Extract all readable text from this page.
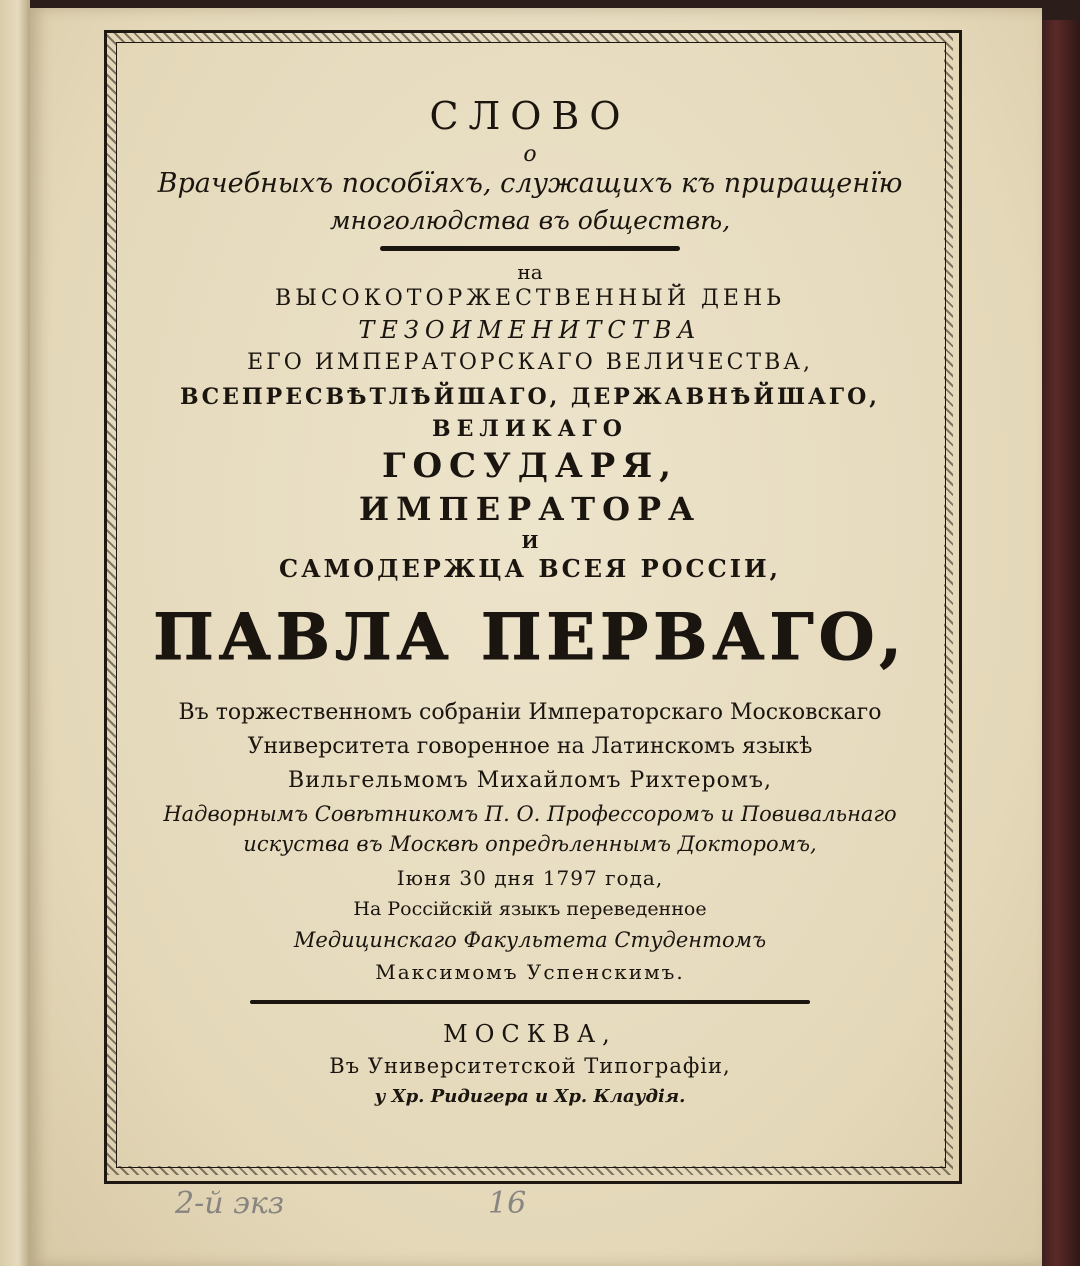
СЛОВО
о
Врачебныхъ пособїяхъ, служащихъ къ приращенїю
многолюдства въ обществѣ,
на
ВЫСОКОТОРЖЕСТВЕННЫЙ ДЕНЬ
ТЕЗОИМЕНИТСТВА
ЕГО ИМПЕРАТОРСКАГО ВЕЛИЧЕСТВА,
ВСЕПРЕСВѢТЛѢЙШАГО, ДЕРЖАВНѢЙШАГО,
ВЕЛИКАГО
ГОСУДАРЯ,
ИМПЕРАТОРА
И
САМОДЕРЖЦА ВСЕЯ РОССІИ,
ПАВЛА ПЕРВАГО,
Въ торжественномъ собранiи Императорскаго Московскаго
Университета говоренное на Латинскомъ языкѣ
Вильгельмомъ Михайломъ Рихтеромъ,
Надворнымъ Совѣтникомъ П. О. Профессоромъ и Повивальнаго
искуства въ Москвѣ опредѣленнымъ Докторомъ,
Iюня 30 дня 1797 года,
На Россiйскiй языкъ переведенное
Медицинскаго Факультета Студентомъ
Максимомъ Успенскимъ.
МОСКВА,
Въ Университетской Типографiи,
у Хр. Ридигера и Хр. Клаудiя.
2-й экз	16
